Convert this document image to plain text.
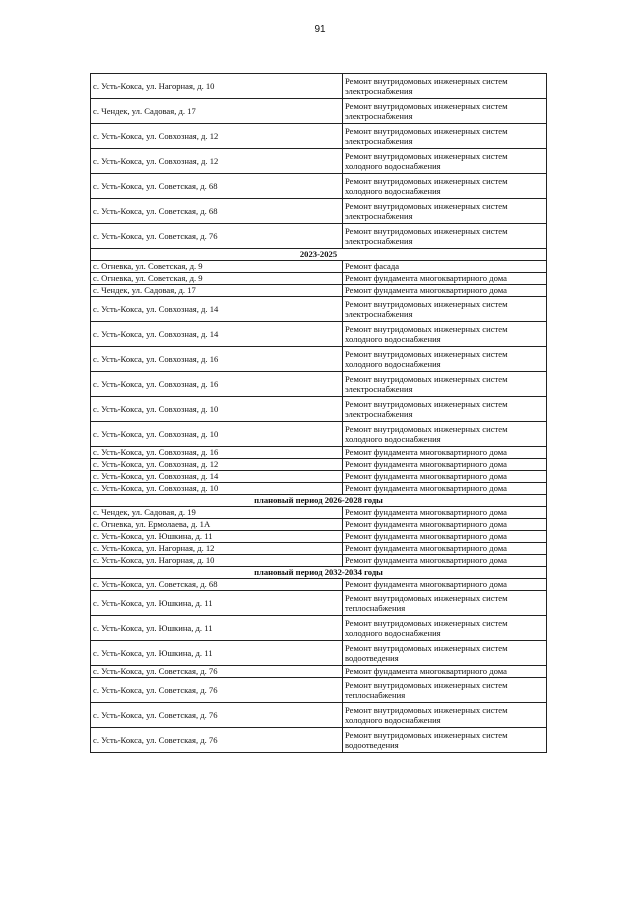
91
с. Усть-Кокса, ул. Нагорная, д. 10	Ремонт внутридомовых инженерных систем электроснабжения
с. Чендек, ул. Садовая, д. 17	Ремонт внутридомовых инженерных систем электроснабжения
с. Усть-Кокса, ул. Совхозная, д. 12	Ремонт внутридомовых инженерных систем электроснабжения
с. Усть-Кокса, ул. Совхозная, д. 12	Ремонт внутридомовых инженерных систем холодного водоснабжения
с. Усть-Кокса, ул. Советская, д. 68	Ремонт внутридомовых инженерных систем холодного водоснабжения
с. Усть-Кокса, ул. Советская, д. 68	Ремонт внутридомовых инженерных систем электроснабжения
с. Усть-Кокса, ул. Советская, д. 76	Ремонт внутридомовых инженерных систем электроснабжения
2023-2025	
с. Огневка, ул. Советская, д. 9	Ремонт фасада
с. Огневка, ул. Советская, д. 9	Ремонт фундамента многоквартирного дома
с. Чендек, ул. Садовая, д. 17	Ремонт фундамента многоквартирного дома
с. Усть-Кокса, ул. Совхозная, д. 14	Ремонт внутридомовых инженерных систем электроснабжения
с. Усть-Кокса, ул. Совхозная, д. 14	Ремонт внутридомовых инженерных систем холодного водоснабжения
с. Усть-Кокса, ул. Совхозная, д. 16	Ремонт внутридомовых инженерных систем холодного водоснабжения
с. Усть-Кокса, ул. Совхозная, д. 16	Ремонт внутридомовых инженерных систем электроснабжения
с. Усть-Кокса, ул. Совхозная, д. 10	Ремонт внутридомовых инженерных систем электроснабжения
с. Усть-Кокса, ул. Совхозная, д. 10	Ремонт внутридомовых инженерных систем холодного водоснабжения
с. Усть-Кокса, ул. Совхозная, д. 16	Ремонт фундамента многоквартирного дома
с. Усть-Кокса, ул. Совхозная, д. 12	Ремонт фундамента многоквартирного дома
с. Усть-Кокса, ул. Совхозная, д. 14	Ремонт фундамента многоквартирного дома
с. Усть-Кокса, ул. Совхозная, д. 10	Ремонт фундамента многоквартирного дома
плановый период 2026-2028 годы	
с. Чендек, ул. Садовая, д. 19	Ремонт фундамента многоквартирного дома
с. Огневка, ул. Ермолаева, д. 1А	Ремонт фундамента многоквартирного дома
с. Усть-Кокса, ул. Юшкина, д. 11	Ремонт фундамента многоквартирного дома
с. Усть-Кокса, ул. Нагорная, д. 12	Ремонт фундамента многоквартирного дома
с. Усть-Кокса, ул. Нагорная, д. 10	Ремонт фундамента многоквартирного дома
плановый период 2032-2034 годы	
с. Усть-Кокса, ул. Советская, д. 68	Ремонт фундамента многоквартирного дома
с. Усть-Кокса, ул. Юшкина, д. 11	Ремонт внутридомовых инженерных систем теплоснабжения
с. Усть-Кокса, ул. Юшкина, д. 11	Ремонт внутридомовых инженерных систем холодного водоснабжения
с. Усть-Кокса, ул. Юшкина, д. 11	Ремонт внутридомовых инженерных систем водоотведения
с. Усть-Кокса, ул. Советская, д. 76	Ремонт фундамента многоквартирного дома
с. Усть-Кокса, ул. Советская, д. 76	Ремонт внутридомовых инженерных систем теплоснабжения
с. Усть-Кокса, ул. Советская, д. 76	Ремонт внутридомовых инженерных систем холодного водоснабжения
с. Усть-Кокса, ул. Советская, д. 76	Ремонт внутридомовых инженерных систем водоотведения
